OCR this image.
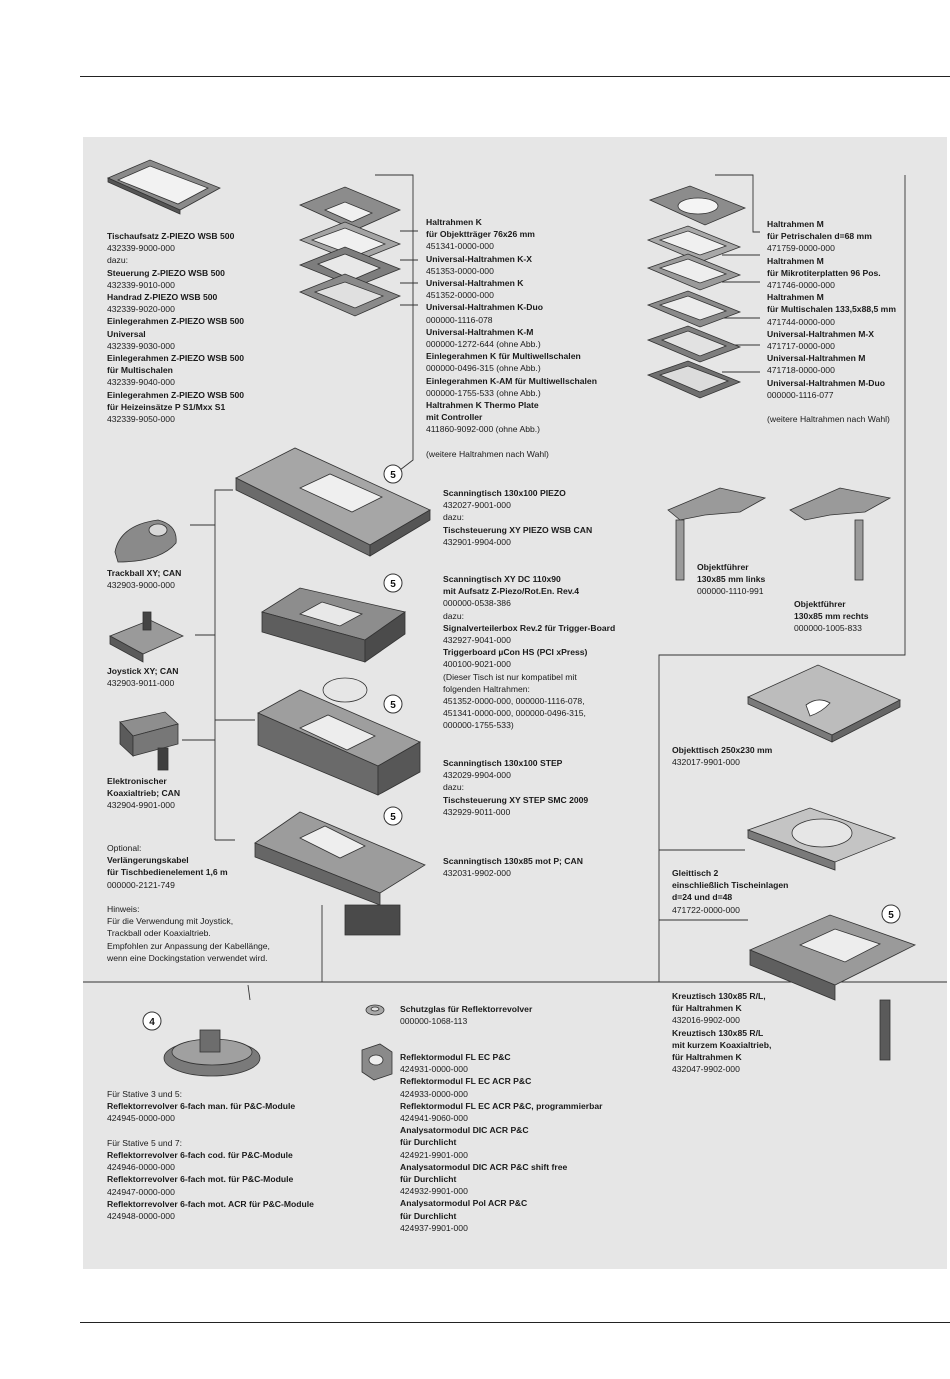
5
5
5
5
5
4
Tischaufsatz Z-PIEZO WSB 500
432339-9000-000
dazu:
Steuerung Z-PIEZO WSB 500
432339-9010-000
Handrad Z-PIEZO WSB 500
432339-9020-000
Einlegerahmen Z-PIEZO WSB 500
Universal
432339-9030-000
Einlegerahmen Z-PIEZO WSB 500
für Multischalen
432339-9040-000
Einlegerahmen Z-PIEZO WSB 500
für Heizeinsätze P S1/Mxx S1
432339-9050-000
Haltrahmen K
für Objektträger 76x26 mm
451341-0000-000
Universal-Haltrahmen K-X
451353-0000-000
Universal-Haltrahmen K
451352-0000-000
Universal-Haltrahmen K-Duo
000000-1116-078
Universal-Haltrahmen K-M
000000-1272-644 (ohne Abb.)
Einlegerahmen K für Multiwellschalen
000000-0496-315 (ohne Abb.)
Einlegerahmen K-AM für Multiwellschalen
000000-1755-533 (ohne Abb.)
Haltrahmen K Thermo Plate
mit Controller
411860-9092-000 (ohne Abb.)

(weitere Haltrahmen nach Wahl)
Haltrahmen M
für Petrischalen d=68 mm
471759-0000-000
Haltrahmen M
für Mikrotiterplatten 96 Pos.
471746-0000-000
Haltrahmen M
für Multischalen 133,5x88,5 mm
471744-0000-000
Universal-Haltrahmen M-X
471717-0000-000
Universal-Haltrahmen M
471718-0000-000
Universal-Haltrahmen M-Duo
000000-1116-077

(weitere Haltrahmen nach Wahl)
Scanningtisch 130x100 PIEZO
432027-9001-000
dazu:
Tischsteuerung XY PIEZO WSB CAN
432901-9904-000
Trackball XY; CAN
432903-9000-000
Scanningtisch XY DC 110x90
mit Aufsatz Z-Piezo/Rot.En. Rev.4
000000-0538-386
dazu:
Signalverteilerbox Rev.2 für Trigger-Board
432927-9041-000
Triggerboard µCon HS (PCI xPress)
400100-9021-000
(Dieser Tisch ist nur kompatibel mit
folgenden Haltrahmen:
451352-0000-000, 000000-1116-078,
451341-0000-000, 000000-0496-315,
000000-1755-533)
Objektführer
130x85 mm links
000000-1110-991
Objektführer
130x85 mm rechts
000000-1005-833
Joystick XY; CAN
432903-9011-000
Objekttisch 250x230 mm
432017-9901-000
Scanningtisch 130x100 STEP
432029-9904-000
dazu:
Tischsteuerung XY STEP SMC 2009
432929-9011-000
Elektronischer
Koaxialtrieb; CAN
432904-9901-000
Optional:
Verlängerungskabel
für Tischbedienelement 1,6 m
000000-2121-749

Hinweis:
Für die Verwendung mit Joystick,
Trackball oder Koaxialtrieb.
Empfohlen zur Anpassung der Kabellänge,
wenn eine Dockingstation verwendet wird.
Scanningtisch 130x85 mot P; CAN
432031-9902-000	Gleittisch 2
einschließlich Tischeinlagen
d=24 und d=48
471722-0000-000
Kreuztisch 130x85 R/L,
für Haltrahmen K
432016-9902-000
Kreuztisch 130x85 R/L
mit kurzem Koaxialtrieb,
für Haltrahmen K
432047-9902-000
Schutzglas für Reflektorrevolver
000000-1068-113
Reflektormodul FL EC P&C
424931-0000-000
Reflektormodul FL EC ACR P&C
424933-0000-000
Reflektormodul FL EC ACR P&C, programmierbar
424941-9060-000
Analysatormodul DIC ACR P&C
für Durchlicht
424921-9901-000
Analysatormodul DIC ACR P&C shift free
für Durchlicht
424932-9901-000
Analysatormodul Pol ACR P&C
für Durchlicht
424937-9901-000
Für Stative 3 und 5:
Reflektorrevolver 6-fach man. für P&C-Module
424945-0000-000

Für Stative 5 und 7:
Reflektorrevolver 6-fach cod. für P&C-Module
424946-0000-000
Reflektorrevolver 6-fach mot. für P&C-Module
424947-0000-000
Reflektorrevolver 6-fach mot. ACR für P&C-Module
424948-0000-000
